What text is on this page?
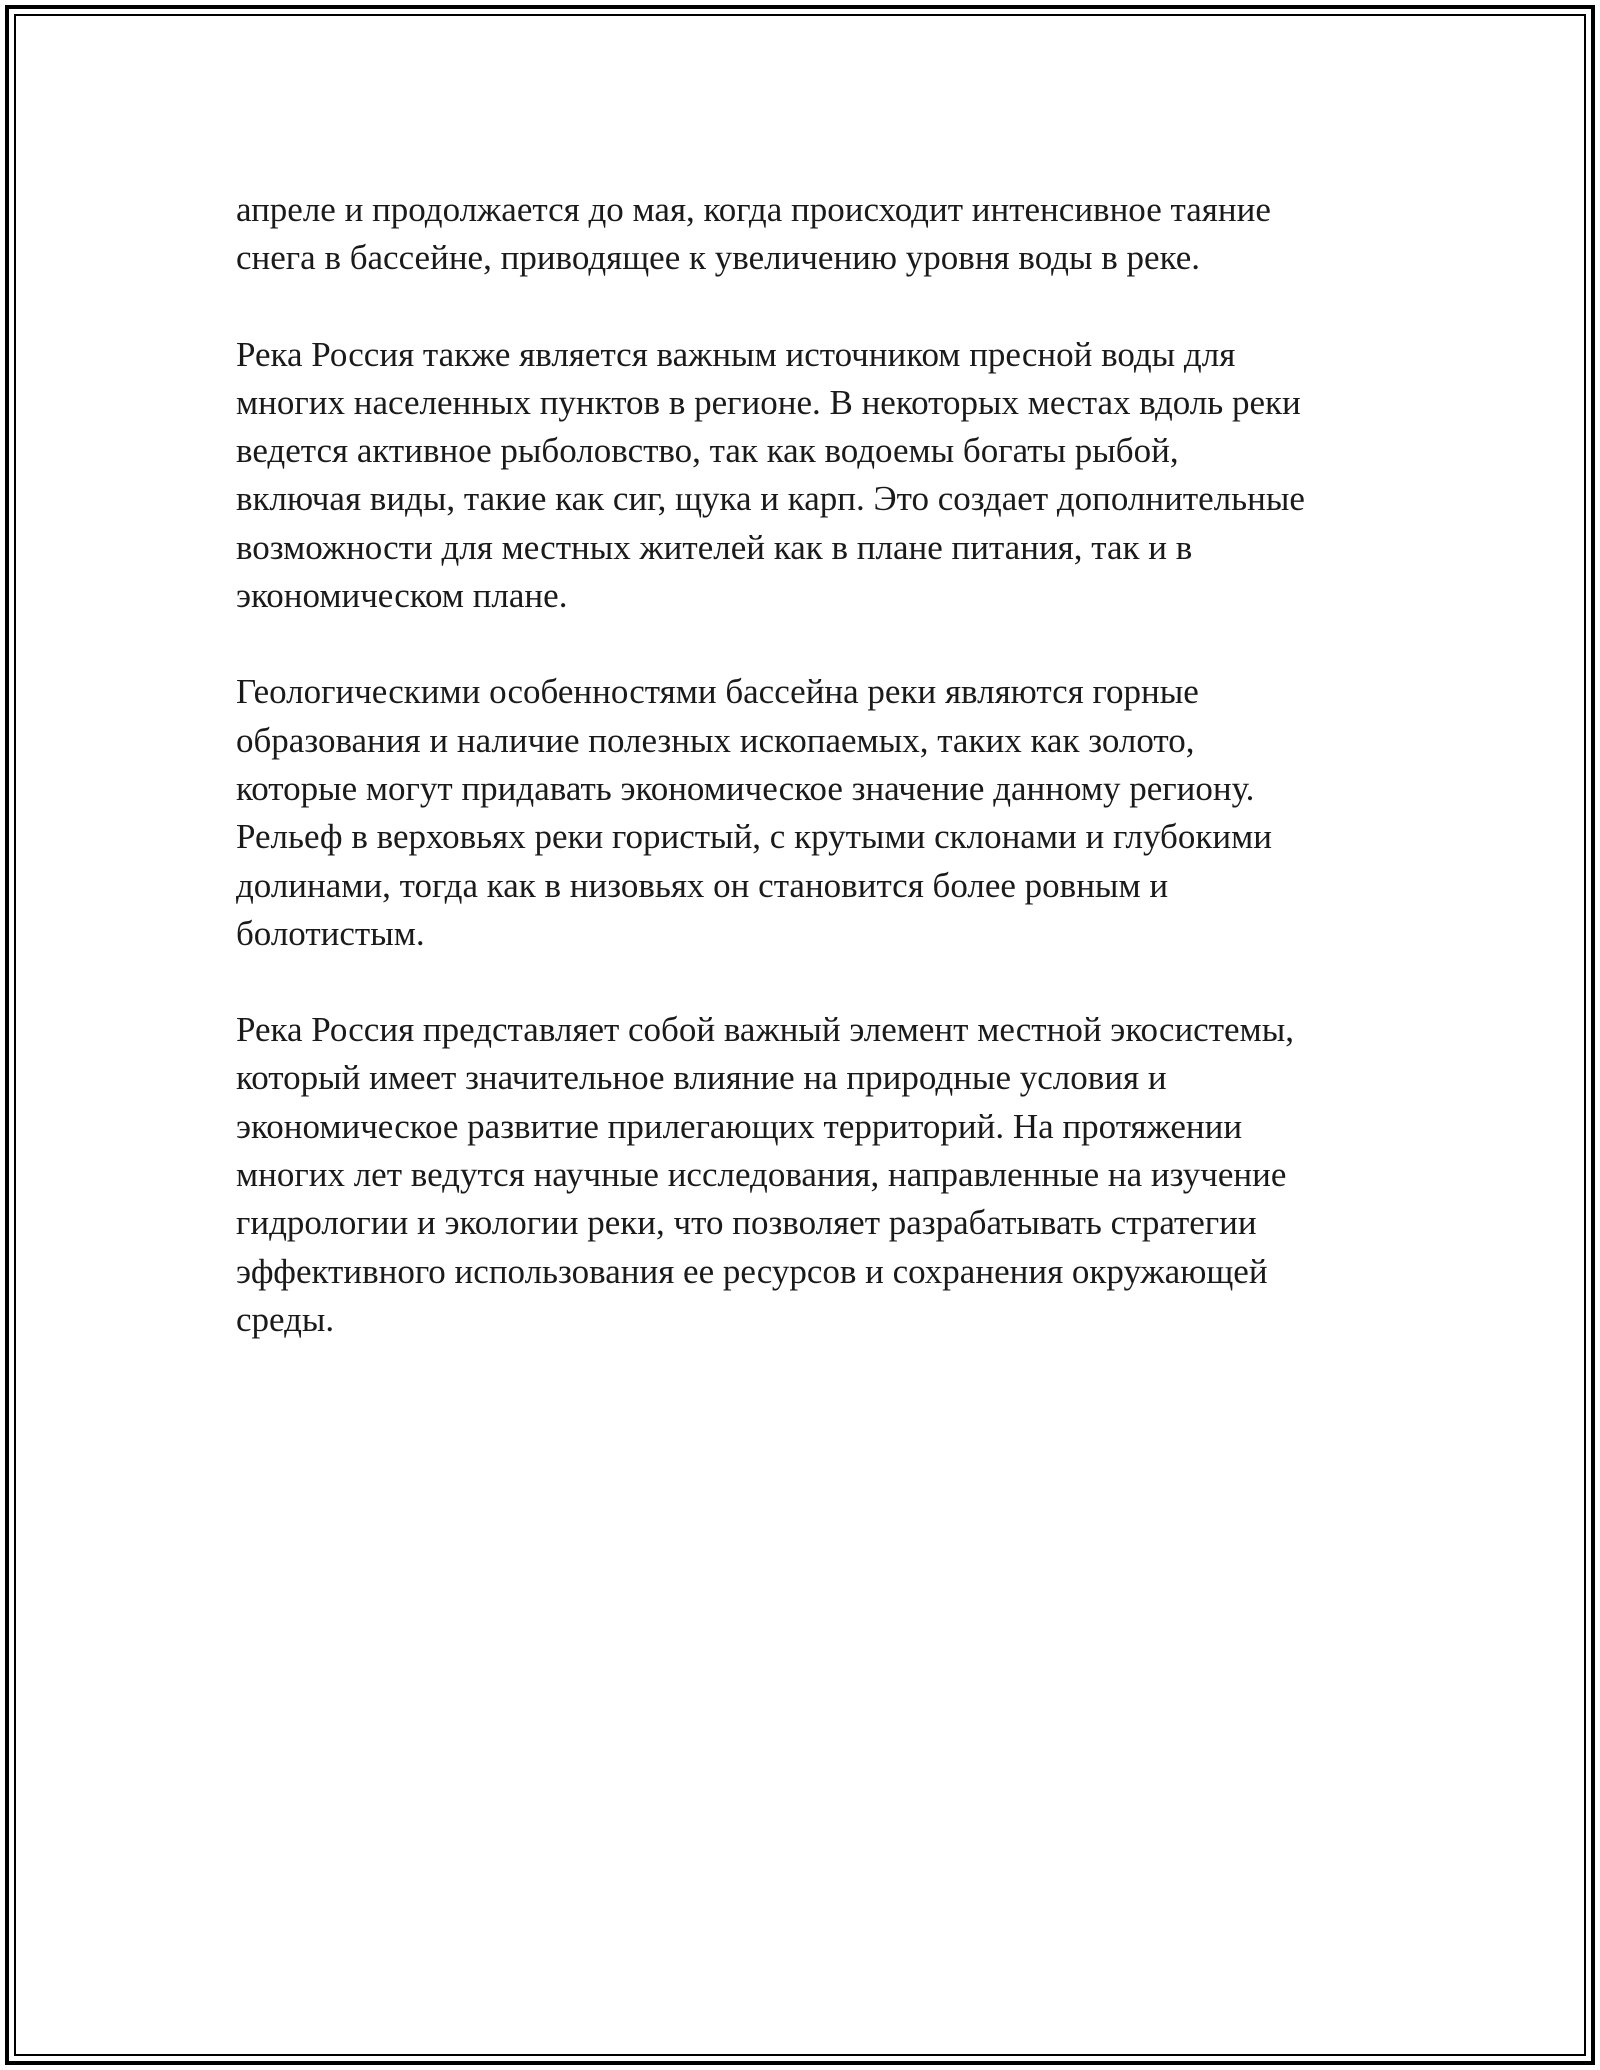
апреле и продолжается до мая, когда происходит интенсивное таяние
снега в бассейне, приводящее к увеличению уровня воды в реке.

Река Россия также является важным источником пресной воды для
многих населенных пунктов в регионе. В некоторых местах вдоль реки
ведется активное рыболовство, так как водоемы богаты рыбой,
включая виды, такие как сиг, щука и карп. Это создает дополнительные
возможности для местных жителей как в плане питания, так и в
экономическом плане.

Геологическими особенностями бассейна реки являются горные
образования и наличие полезных ископаемых, таких как золото,
которые могут придавать экономическое значение данному региону.
Рельеф в верховьях реки гористый, с крутыми склонами и глубокими
долинами, тогда как в низовьях он становится более ровным и
болотистым.

Река Россия представляет собой важный элемент местной экосистемы,
который имеет значительное влияние на природные условия и
экономическое развитие прилегающих территорий. На протяжении
многих лет ведутся научные исследования, направленные на изучение
гидрологии и экологии реки, что позволяет разрабатывать стратегии
эффективного использования ее ресурсов и сохранения окружающей
среды.
